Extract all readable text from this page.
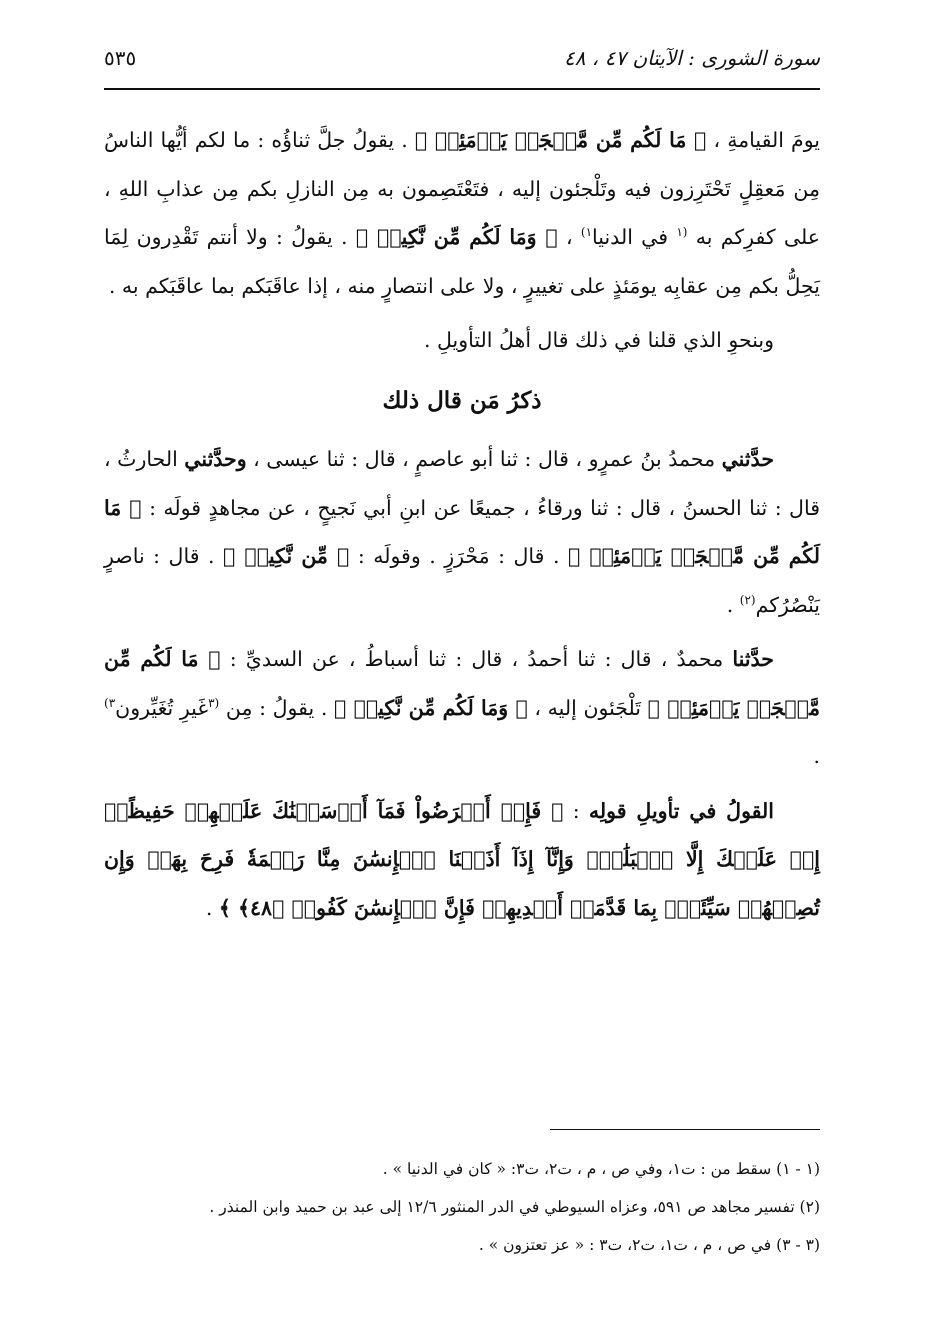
سورة الشورى : الآيتان ٤٧ ، ٤٨
٥٣٥

يومَ القيامةِ ، ﴿ مَا لَكُم مِّن مَّلۡجَإٖ يَوۡمَئِذٖ ﴾ . يقولُ جلَّ ثناؤُه : ما لكم أيُّها الناسُ مِن مَعقِلٍ تَحْتَرِزون فيه وتَلْجئون إليه ، فتَعْتَصِمون به مِن النازلِ بكم مِن عذابِ اللهِ ، على كفرِكم به $^{(١}$ في الدنيا$^{١)}$ ، ﴿ وَمَا لَكُم مِّن نَّكِيرٖ ﴾ . يقولُ : ولا أنتم تَقْدِرون لِمَا يَحِلُّ بكم مِن عقابِه يومَئذٍ على تغييرٍ ، ولا على انتصارٍ منه ، إذا عاقَبَكم بما عاقَبَكم به .

وبنحوِ الذي قلنا في ذلك قال أهلُ التأويلِ .

ذكرُ مَن قال ذلك

حدَّثني محمدُ بنُ عمرٍو ، قال : ثنا أبو عاصمٍ ، قال : ثنا عيسى ، وحدَّثني الحارثُ ، قال : ثنا الحسنُ ، قال : ثنا ورقاءُ ، جميعًا عن ابنِ أبي نَجيحٍ ، عن مجاهدٍ قولَه : ﴿ مَا لَكُم مِّن مَّلۡجَإٖ يَوۡمَئِذٖ ﴾ . قال : مَحْرَزٍ . وقولَه : ﴿ مِّن نَّكِيرٖ ﴾ . قال : ناصرٍ يَنْصُرُكم$^{(٢)}$ .

حدَّثنا محمدٌ ، قال : ثنا أحمدُ ، قال : ثنا أسباطُ ، عن السديِّ : ﴿ مَا لَكُم مِّن مَّلۡجَإٖ يَوۡمَئِذٖ ﴾ تَلْجَئون إليه ، ﴿ وَمَا لَكُم مِّن نَّكِيرٖ ﴾ . يقولُ : مِن $^{(٣}$غَيرِ تُغَيِّرون$^{٣)}$ .

القولُ في تأويلِ قولِه : ﴿ فَإِنۡ أَعۡرَضُواْ فَمَآ أَرۡسَلۡنَٰكَ عَلَيۡهِمۡ حَفِيظًاۖ إِنۡ عَلَيۡكَ إِلَّا ٱلۡبَلَٰغُۗ وَإِنَّآ إِذَآ أَذَقۡنَا ٱلۡإِنسَٰنَ مِنَّا رَحۡمَةٗ فَرِحَ بِهَاۖ وَإِن تُصِبۡهُمۡ سَيِّئَةُۢ بِمَا قَدَّمَتۡ أَيۡدِيهِمۡ فَإِنَّ ٱلۡإِنسَٰنَ كَفُورٞ ﴿٤٨﴾ ﴾ .

(١ - ١) سقط من : ت١، وفي ص ، م ، ت٢، ت٣: « كان في الدنيا » .

(٢) تفسير مجاهد ص ٥٩١، وعزاه السيوطي في الدر المنثور ١٢/٦ إلى عبد بن حميد وابن المنذر .

(٣ - ٣) في ص ، م ، ت١، ت٢، ت٣ : « عز تعتزون » .
